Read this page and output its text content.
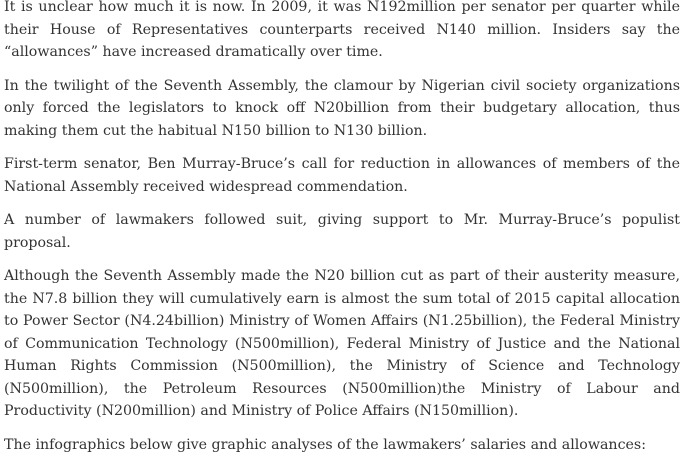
It is unclear how much it is now. In 2009, it was N192million per senator per quarter while their House of Representatives counterparts received N140 million. Insiders say the “allowances” have increased dramatically over time.

In the twilight of the Seventh Assembly, the clamour by Nigerian civil society organizations only forced the legislators to knock off N20billion from their budgetary allocation, thus making them cut the habitual N150 billion to N130 billion.

First-term senator, Ben Murray-Bruce’s call for reduction in allowances of members of the National Assembly received widespread commendation.

A number of lawmakers followed suit, giving support to Mr. Murray-Bruce’s populist proposal.

Although the Seventh Assembly made the N20 billion cut as part of their austerity measure, the N7.8 billion they will cumulatively earn is almost the sum total of 2015 capital allocation to Power Sector (N4.24billion) Ministry of Women Affairs (N1.25billion), the Federal Ministry of Communication Technology (N500million), Federal Ministry of Justice and the National Human Rights Commission (N500million), the Ministry of Science and Technology (N500million), the Petroleum Resources (N500million)the Ministry of Labour and Productivity (N200million) and Ministry of Police Affairs (N150million).

The infographics below give graphic analyses of the lawmakers’ salaries and allowances:
